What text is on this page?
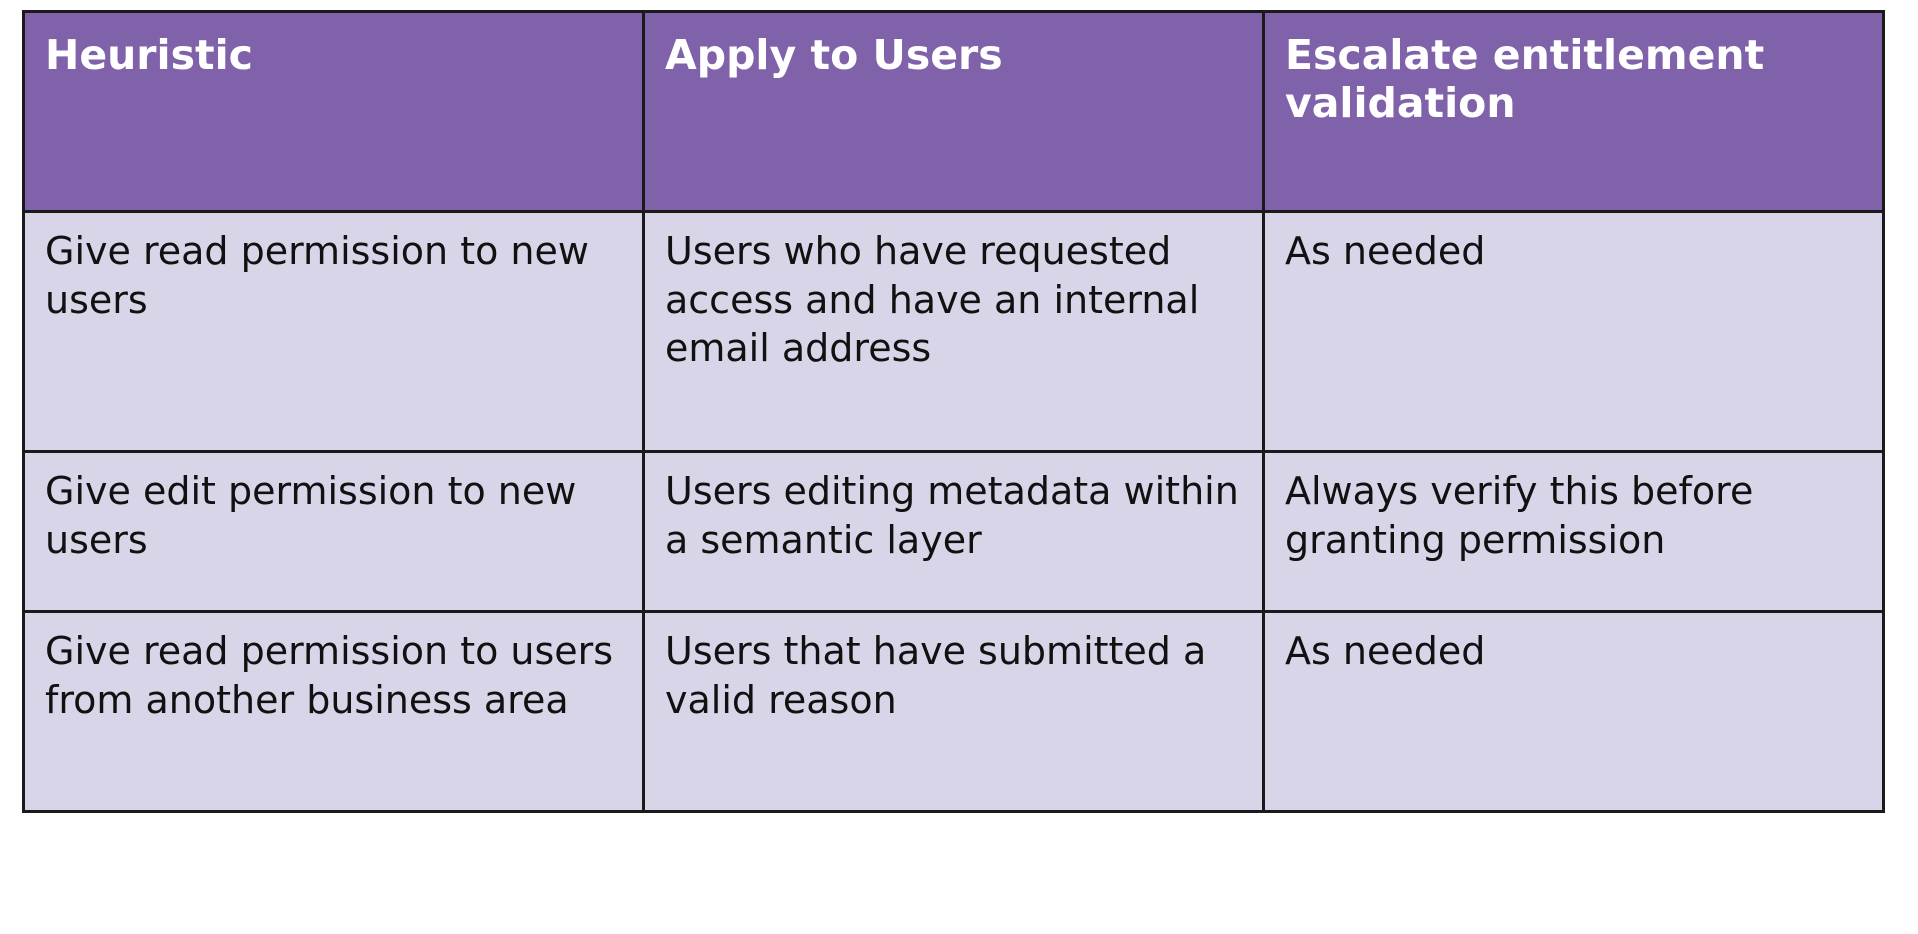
Heuristic	Apply to Users	Escalate entitlement validation
Give read permission to new users	Users who have requested access and have an internal email address	As needed
Give edit permission to new users	Users editing metadata within a semantic layer	Always verify this before granting permission
Give read permission to users from another business area	Users that have submitted a valid reason	As needed
